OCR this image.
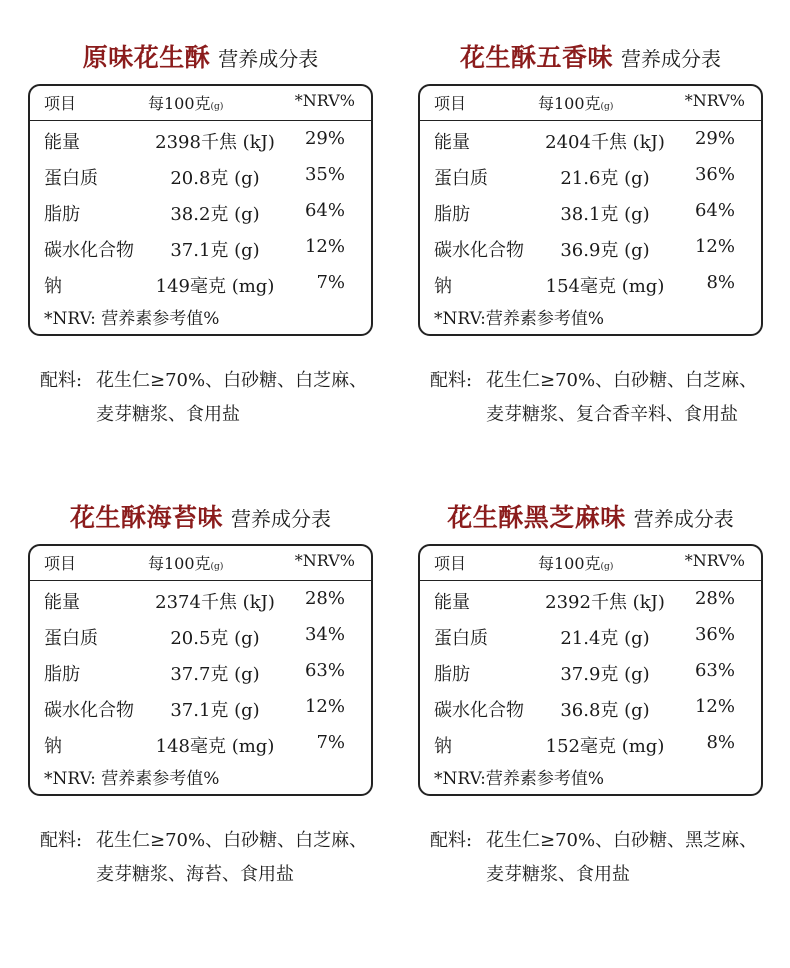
原味花生酥 营养成分表
项目	每100克(g)	*NRV%
能量	2398千焦 (kJ)	29%
蛋白质	20.8克 (g)	35%
脂肪	38.2克 (g)	64%
碳水化合物	37.1克 (g)	12%
钠	149毫克 (mg)	7%
*NRV: 营养素参考值%
配料: 花生仁≥70%、白砂糖、白芝麻、
麦芽糖浆、食用盐
花生酥五香味 营养成分表
项目	每100克(g)	*NRV%
能量	2404千焦 (kJ)	29%
蛋白质	21.6克 (g)	36%
脂肪	38.1克 (g)	64%
碳水化合物	36.9克 (g)	12%
钠	154毫克 (mg)	8%
*NRV:营养素参考值%
配料: 花生仁≥70%、白砂糖、白芝麻、
麦芽糖浆、复合香辛料、食用盐
花生酥海苔味 营养成分表
项目	每100克(g)	*NRV%
能量	2374千焦 (kJ)	28%
蛋白质	20.5克 (g)	34%
脂肪	37.7克 (g)	63%
碳水化合物	37.1克 (g)	12%
钠	148毫克 (mg)	7%
*NRV: 营养素参考值%
配料: 花生仁≥70%、白砂糖、白芝麻、
麦芽糖浆、海苔、食用盐
花生酥黑芝麻味 营养成分表
项目	每100克(g)	*NRV%
能量	2392千焦 (kJ)	28%
蛋白质	21.4克 (g)	36%
脂肪	37.9克 (g)	63%
碳水化合物	36.8克 (g)	12%
钠	152毫克 (mg)	8%
*NRV:营养素参考值%
配料: 花生仁≥70%、白砂糖、黑芝麻、
麦芽糖浆、食用盐
